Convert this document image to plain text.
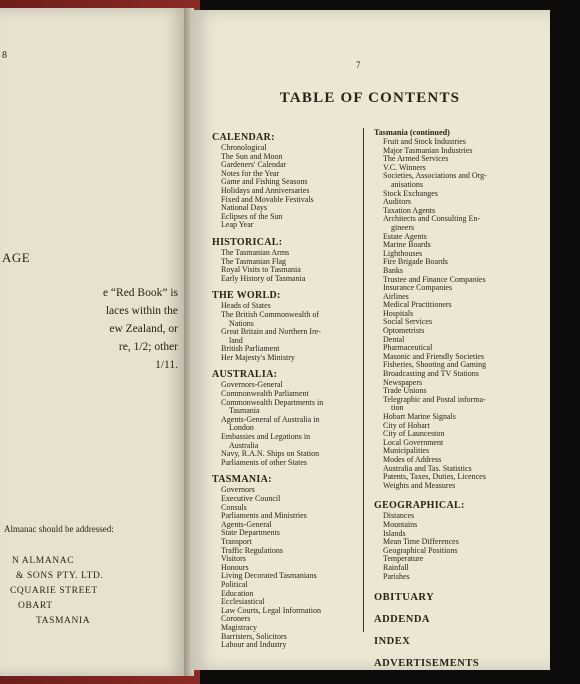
8
AGE
e “Red Book” is
laces within the
ew Zealand, or
re, 1/2; other
1/11.
Almanac should be addressed:
N ALMANAC
& SONS PTY. LTD.
CQUARIE STREET
OBART
TASMANIA
7
TABLE OF CONTENTS
CALENDAR:
Chronological
The Sun and Moon
Gardeners' Calendar
Notes for the Year
Game and Fishing Seasons
Holidays and Anniversaries
Fixed and Movable Festivals
National Days
Eclipses of the Sun
Leap Year
HISTORICAL:
The Tasmanian Arms
The Tasmanian Flag
Royal Visits to Tasmania
Early History of Tasmania
THE WORLD:
Heads of States
The British Commonwealth of
Nations
Great Britain and Northern Ire-
land
British Parliament
Her Majesty's Ministry
AUSTRALIA:
Governors-General
Commonwealth Parliament
Commonwealth Departments in
Tasmania
Agents-General of Australia in
London
Embassies and Legations in
Australia
Navy, R.A.N. Ships on Station
Parliaments of other States
TASMANIA:
Governors
Executive Council
Consuls
Parliaments and Ministries
Agents-General
State Departments
Transport
Traffic Regulations
Visitors
Honours
Living Decorated Tasmanians
Political
Education
Ecclesiastical
Law Courts, Legal Information
Coroners
Magistracy
Barristers, Solicitors
Labour and Industry
Tasmania (continued)
Fruit and Stock Industries
Major Tasmanian Industries
The Armed Services
V.C. Winners
Societies, Associations and Org-
anisations
Stock Exchanges
Auditors
Taxation Agents
Architects and Consulting En-
gineers
Estate Agents
Marine Boards
Lighthouses
Fire Brigade Boards
Banks
Trustee and Finance Companies
Insurance Companies
Airlines
Medical Practitioners
Hospitals
Social Services
Optometrists
Dental
Pharmaceutical
Masonic and Friendly Societies
Fisheries, Shooting and Gaming
Broadcasting and TV Stations
Newspapers
Trade Unions
Telegraphic and Postal informa-
tion
Hobart Marine Signals
City of Hobart
City of Launceston
Local Government
Municipalities
Modes of Address
Australia and Tas. Statistics
Patents, Taxes, Duties, Licences
Weights and Measures
GEOGRAPHICAL:
Distances
Mountains
Islands
Mean Time Differences
Geographical Positions
Temperature
Rainfall
Parishes
OBITUARY
ADDENDA
INDEX
ADVERTISEMENTS
